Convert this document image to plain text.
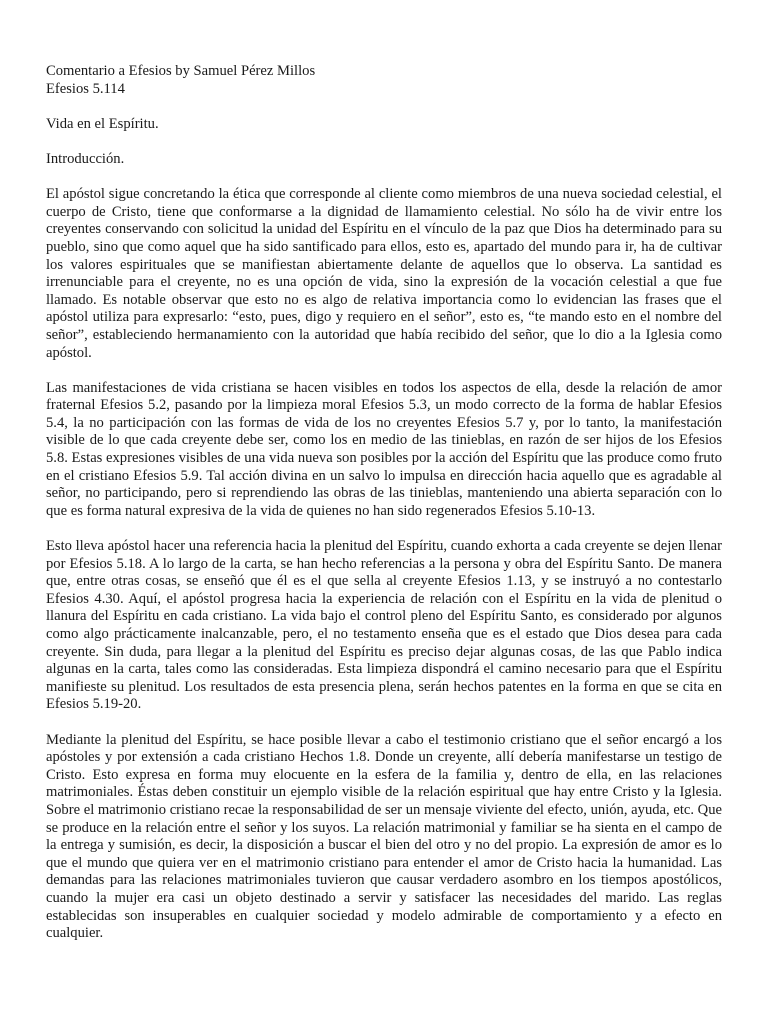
Comentario a Efesios by Samuel Pérez Millos
Efesios 5.114
Vida en el Espíritu.
Introducción.

El apóstol sigue concretando la ética que corresponde al cliente como miembros de una nueva sociedad celestial, el cuerpo de Cristo, tiene que conformarse a la dignidad de llamamiento celestial. No sólo ha de vivir entre los creyentes conservando con solicitud la unidad del Espíritu en el vínculo de la paz que Dios ha determinado para su pueblo, sino que como aquel que ha sido santificado para ellos, esto es, apartado del mundo para ir, ha de cultivar los valores espirituales que se manifiestan abiertamente delante de aquellos que lo observa. La santidad es irrenunciable para el creyente, no es una opción de vida, sino la expresión de la vocación celestial a que fue llamado. Es notable observar que esto no es algo de relativa importancia como lo evidencian las frases que el apóstol utiliza para expresarlo: “esto, pues, digo y requiero en el señor”, esto es, “te mando esto en el nombre del señor”, estableciendo hermanamiento con la autoridad que había recibido del señor, que lo dio a la Iglesia como apóstol.

Las manifestaciones de vida cristiana se hacen visibles en todos los aspectos de ella, desde la relación de amor fraternal Efesios 5.2, pasando por la limpieza moral Efesios 5.3, un modo correcto de la forma de hablar Efesios 5.4, la no participación con las formas de vida de los no creyentes Efesios 5.7 y, por lo tanto, la manifestación visible de lo que cada creyente debe ser, como los en medio de las tinieblas, en razón de ser hijos de los Efesios 5.8. Estas expresiones visibles de una vida nueva son posibles por la acción del Espíritu que las produce como fruto en el cristiano Efesios 5.9. Tal acción divina en un salvo lo impulsa en dirección hacia aquello que es agradable al señor, no participando, pero si reprendiendo las obras de las tinieblas, manteniendo una abierta separación con lo que es forma natural expresiva de la vida de quienes no han sido regenerados Efesios 5.10-13.

Esto lleva apóstol hacer una referencia hacia la plenitud del Espíritu, cuando exhorta a cada creyente se dejen llenar por Efesios 5.18. A lo largo de la carta, se han hecho referencias a la persona y obra del Espíritu Santo. De manera que, entre otras cosas, se enseñó que él es el que sella al creyente Efesios 1.13, y se instruyó a no contestarlo Efesios 4.30. Aquí, el apóstol progresa hacia la experiencia de relación con el Espíritu en la vida de plenitud o llanura del Espíritu en cada cristiano. La vida bajo el control pleno del Espíritu Santo, es considerado por algunos como algo prácticamente inalcanzable, pero, el no testamento enseña que es el estado que Dios desea para cada creyente. Sin duda, para llegar a la plenitud del Espíritu es preciso dejar algunas cosas, de las que Pablo indica algunas en la carta, tales como las consideradas. Esta limpieza dispondrá el camino necesario para que el Espíritu manifieste su plenitud. Los resultados de esta presencia plena, serán hechos patentes en la forma en que se cita en Efesios 5.19-20.

Mediante la plenitud del Espíritu, se hace posible llevar a cabo el testimonio cristiano que el señor encargó a los apóstoles y por extensión a cada cristiano Hechos 1.8. Donde un creyente, allí debería manifestarse un testigo de Cristo. Esto expresa en forma muy elocuente en la esfera de la familia y, dentro de ella, en las relaciones matrimoniales. Éstas deben constituir un ejemplo visible de la relación espiritual que hay entre Cristo y la Iglesia. Sobre el matrimonio cristiano recae la responsabilidad de ser un mensaje viviente del efecto, unión, ayuda, etc. Que se produce en la relación entre el señor y los suyos. La relación matrimonial y familiar se ha sienta en el campo de la entrega y sumisión, es decir, la disposición a buscar el bien del otro y no del propio. La expresión de amor es lo que el mundo que quiera ver en el matrimonio cristiano para entender el amor de Cristo hacia la humanidad. Las demandas para las relaciones matrimoniales tuvieron que causar verdadero asombro en los tiempos apostólicos, cuando la mujer era casi un objeto destinado a servir y satisfacer las necesidades del marido. Las reglas establecidas son insuperables en cualquier sociedad y modelo admirable de comportamiento y a efecto en cualquier.
